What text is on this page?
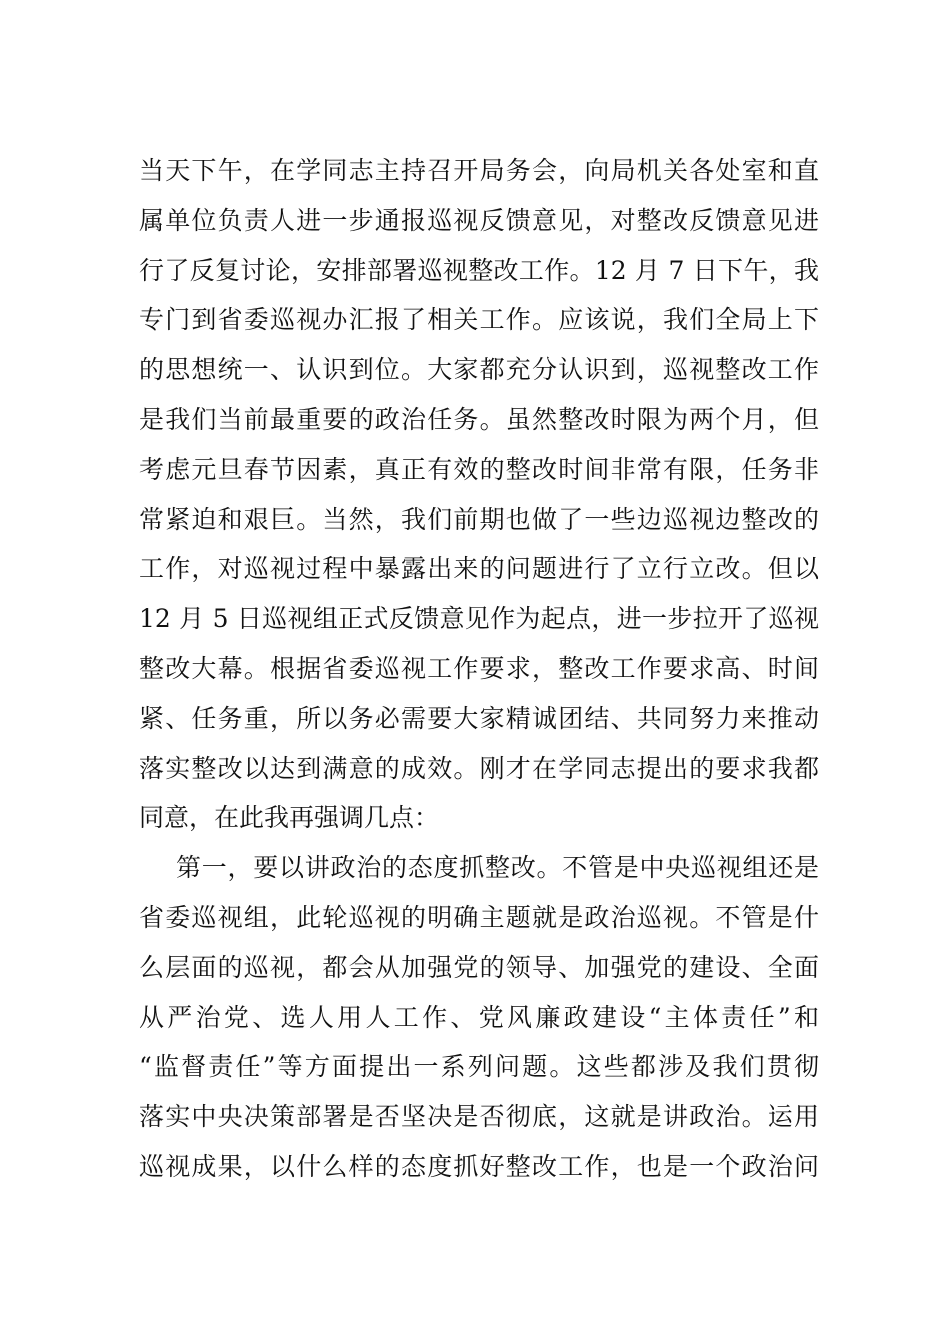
当天下午，在学同志主持召开局务会，向局机关各处室和直
属单位负责人进一步通报巡视反馈意见，对整改反馈意见进
行了反复讨论，安排部署巡视整改工作。12 月 7 日下午，我
专门到省委巡视办汇报了相关工作。应该说，我们全局上下
的思想统一、认识到位。大家都充分认识到，巡视整改工作
是我们当前最重要的政治任务。虽然整改时限为两个月，但
考虑元旦春节因素，真正有效的整改时间非常有限，任务非
常紧迫和艰巨。当然，我们前期也做了一些边巡视边整改的
工作，对巡视过程中暴露出来的问题进行了立行立改。但以
12 月 5 日巡视组正式反馈意见作为起点，进一步拉开了巡视
整改大幕。根据省委巡视工作要求，整改工作要求高、时间
紧、任务重，所以务必需要大家精诚团结、共同努力来推动
落实整改以达到满意的成效。刚才在学同志提出的要求我都
同意，在此我再强调几点：
第一，要以讲政治的态度抓整改。不管是中央巡视组还是
省委巡视组，此轮巡视的明确主题就是政治巡视。不管是什
么层面的巡视，都会从加强党的领导、加强党的建设、全面
从严治党、选人用人工作、党风廉政建设“主体责任”和
“监督责任”等方面提出一系列问题。这些都涉及我们贯彻
落实中央决策部署是否坚决是否彻底，这就是讲政治。运用
巡视成果，以什么样的态度抓好整改工作，也是一个政治问
